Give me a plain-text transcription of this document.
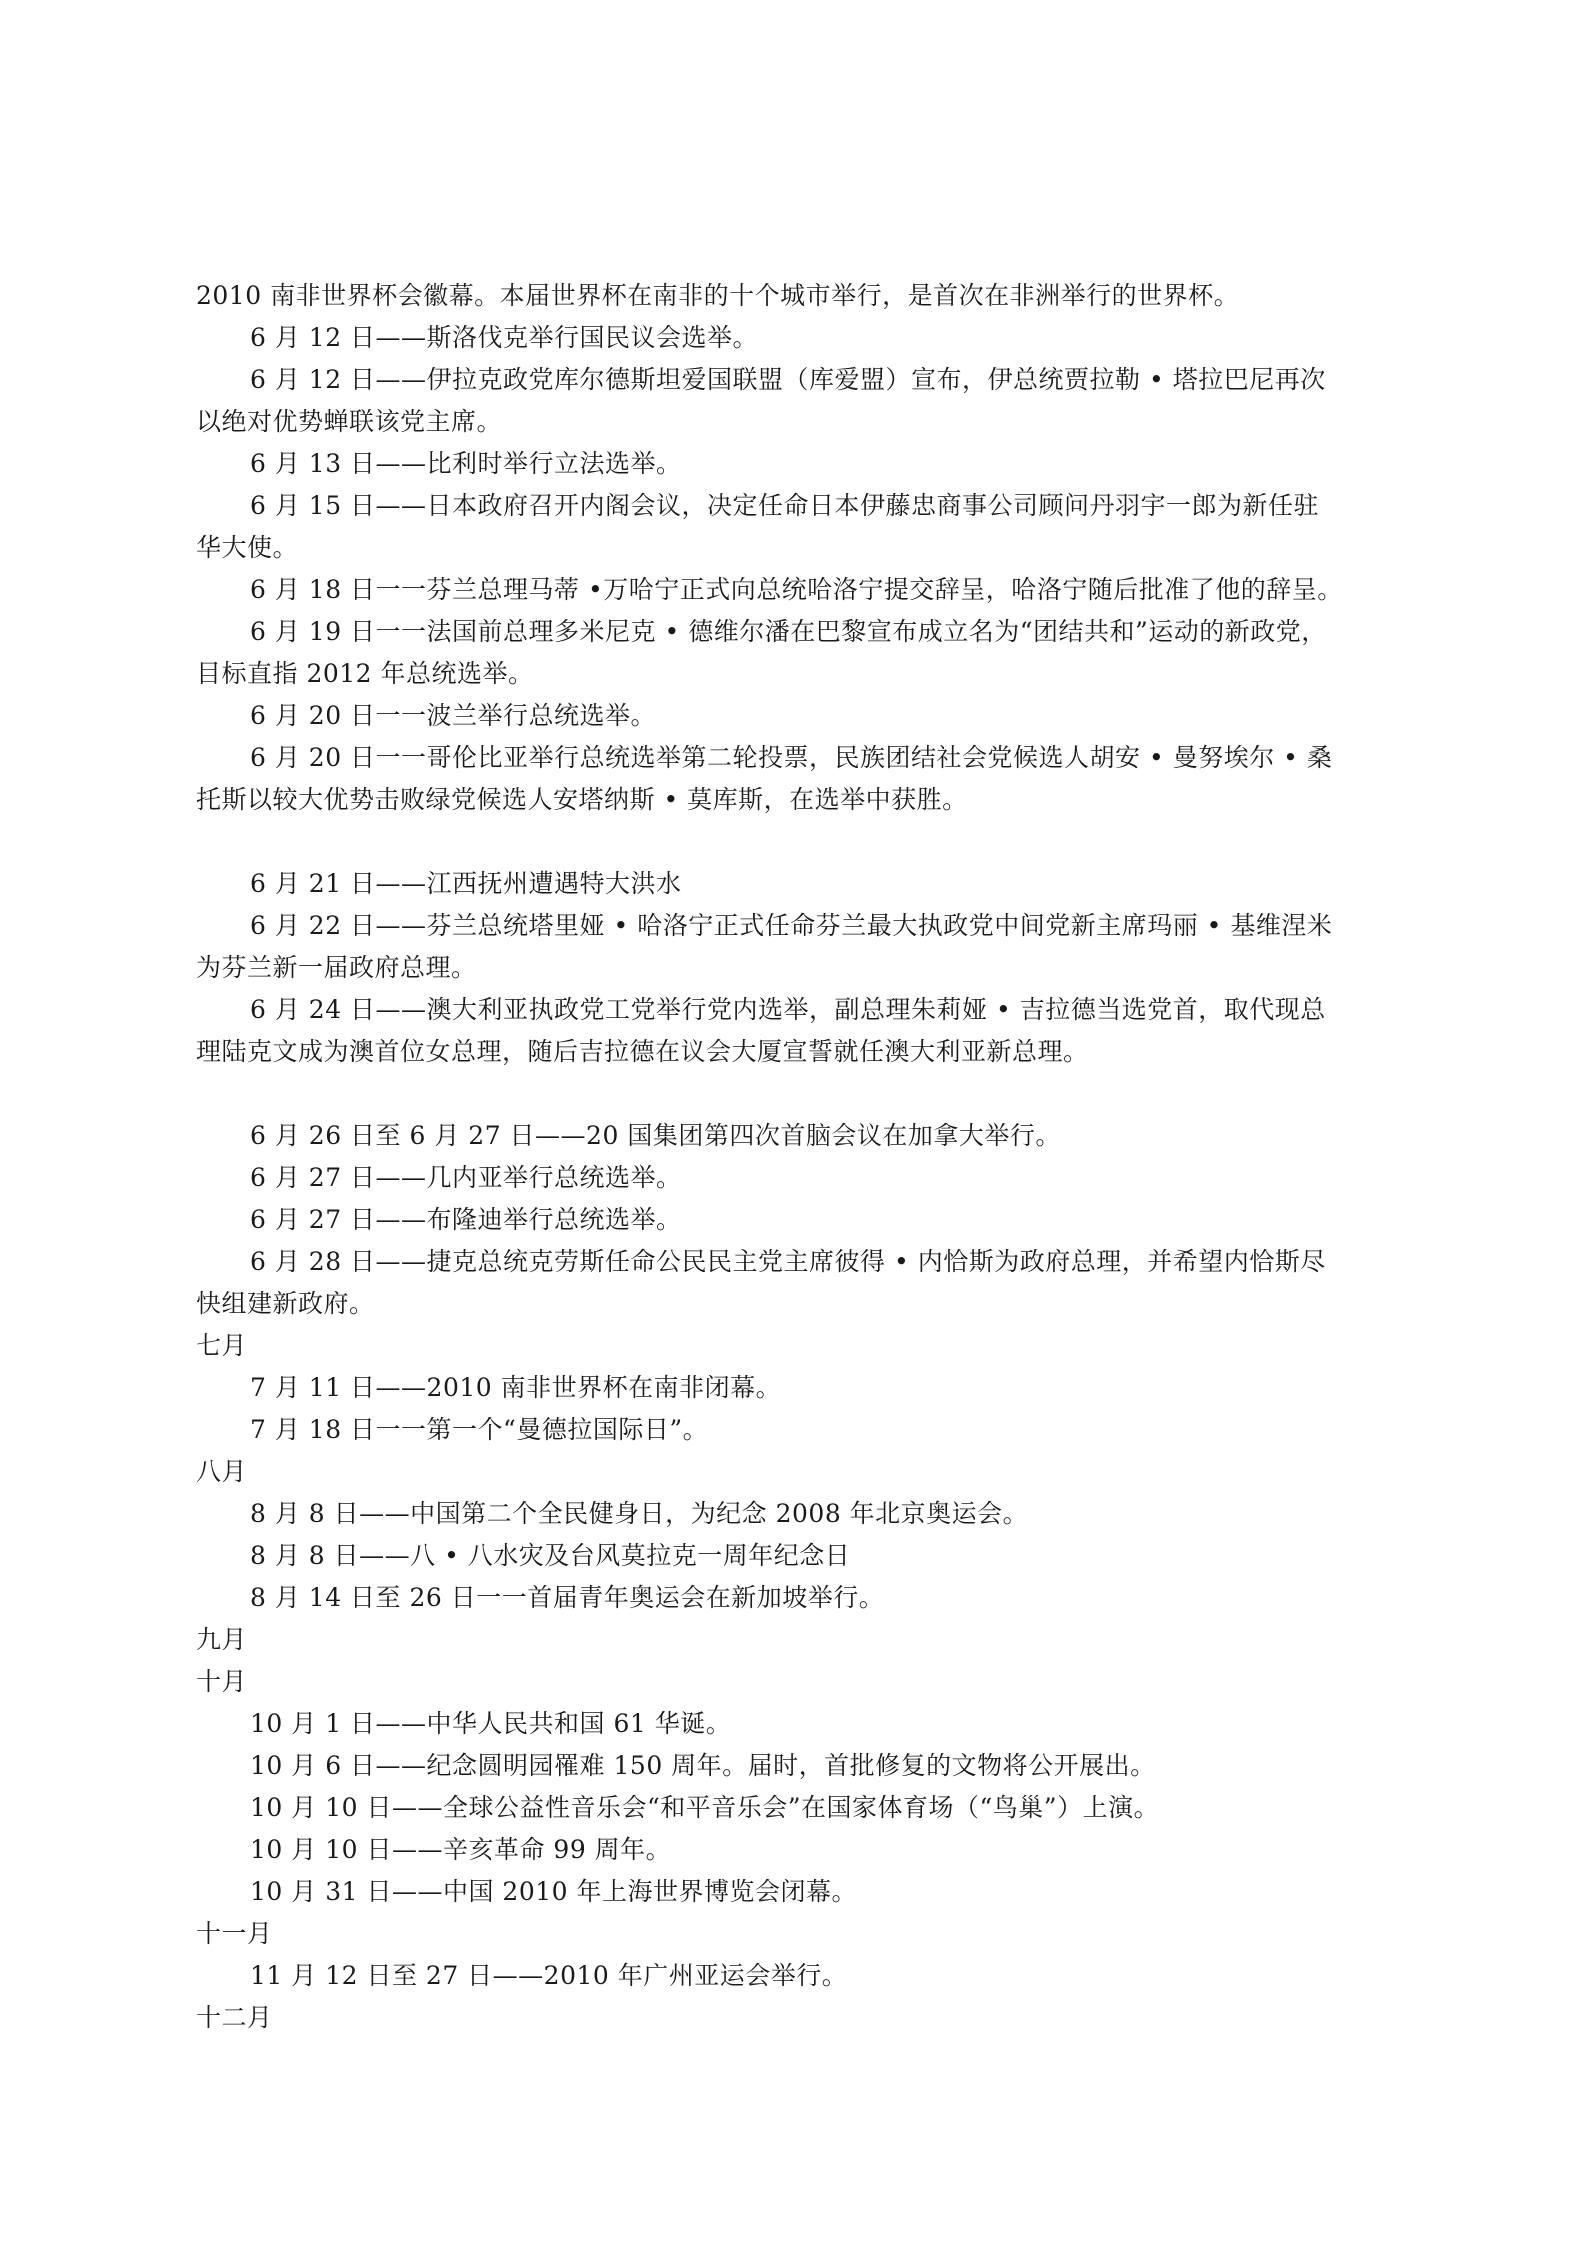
2010 南非世界杯会徽幕。本届世界杯在南非的十个城市举行，是首次在非洲举行的世界杯。
6 月 12 日——斯洛伐克举行国民议会选举。
6 月 12 日——伊拉克政党库尔德斯坦爱国联盟（库爱盟）宣布，伊总统贾拉勒 • 塔拉巴尼再次
以绝对优势蝉联该党主席。
6 月 13 日——比利时举行立法选举。
6 月 15 日——日本政府召开内阁会议，决定任命日本伊藤忠商事公司顾问丹羽宇一郎为新任驻
华大使。
6 月 18 日一一芬兰总理马蒂 •万哈宁正式向总统哈洛宁提交辞呈，哈洛宁随后批准了他的辞呈。
6 月 19 日一一法国前总理多米尼克 • 德维尔潘在巴黎宣布成立名为“团结共和”运动的新政党，
目标直指 2012 年总统选举。
6 月 20 日一一波兰举行总统选举。
6 月 20 日一一哥伦比亚举行总统选举第二轮投票，民族团结社会党候选人胡安 • 曼努埃尔 • 桑
托斯以较大优势击败绿党候选人安塔纳斯 • 莫库斯，在选举中获胜。
6 月 21 日——江西抚州遭遇特大洪水
6 月 22 日——芬兰总统塔里娅 • 哈洛宁正式任命芬兰最大执政党中间党新主席玛丽 • 基维涅米
为芬兰新一届政府总理。
6 月 24 日——澳大利亚执政党工党举行党内选举，副总理朱莉娅 • 吉拉德当选党首，取代现总
理陆克文成为澳首位女总理，随后吉拉德在议会大厦宣誓就任澳大利亚新总理。
6 月 26 日至 6 月 27 日——20 国集团第四次首脑会议在加拿大举行。
6 月 27 日——几内亚举行总统选举。
6 月 27 日——布隆迪举行总统选举。
6 月 28 日——捷克总统克劳斯任命公民民主党主席彼得 • 内恰斯为政府总理，并希望内恰斯尽
快组建新政府。
七月
7 月 11 日——2010 南非世界杯在南非闭幕。
7 月 18 日一一第一个“曼德拉国际日”。
八月
8 月 8 日——中国第二个全民健身日，为纪念 2008 年北京奥运会。
8 月 8 日——八 • 八水灾及台风莫拉克一周年纪念日
8 月 14 日至 26 日一一首届青年奥运会在新加坡举行。
九月
十月
10 月 1 日——中华人民共和国 61 华诞。
10 月 6 日——纪念圆明园罹难 150 周年。届时，首批修复的文物将公开展出。
10 月 10 日——全球公益性音乐会“和平音乐会”在国家体育场（“鸟巢”）上演。
10 月 10 日——辛亥革命 99 周年。
10 月 31 日——中国 2010 年上海世界博览会闭幕。
十一月
11 月 12 日至 27 日——2010 年广州亚运会举行。
十二月
